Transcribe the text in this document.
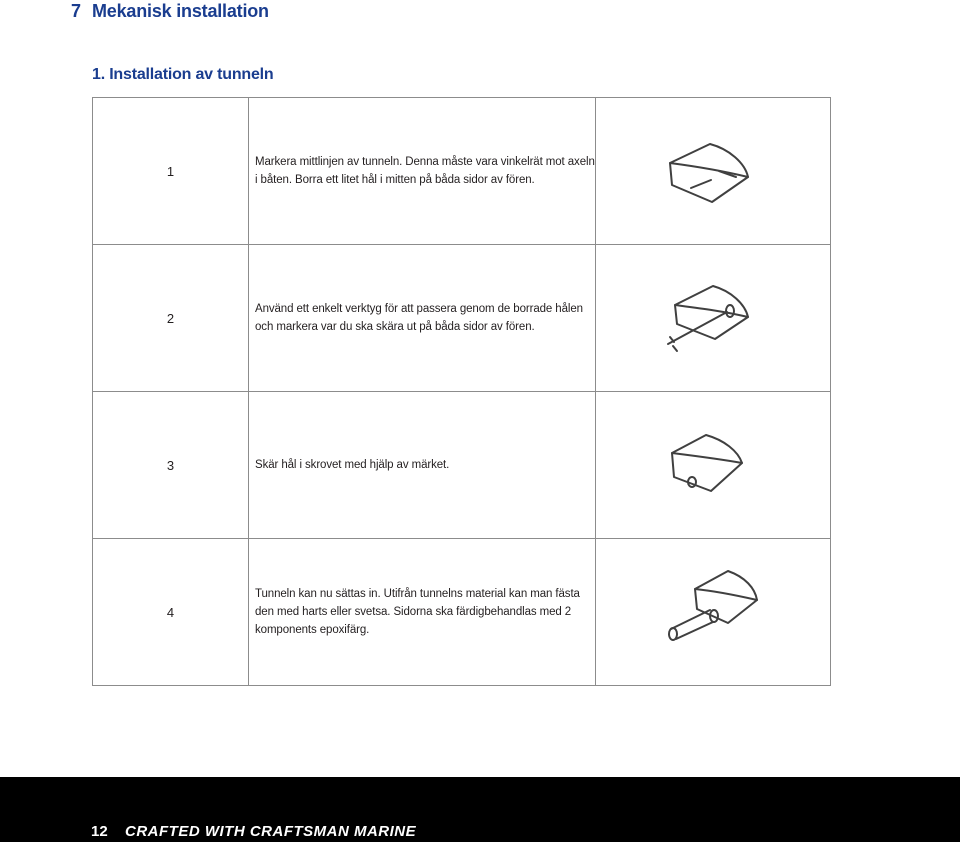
7 Mekanisk installation
1. Installation av tunneln
1	Markera mittlinjen av tunneln. Denna måste vara vinkelrät mot axeln i båten. Borra ett litet hål i mitten på båda sidor av fören.	

2	Använd ett enkelt verktyg för att passera genom de borrade hålen och markera var du ska skära ut på båda sidor av fören.	

3	Skär hål i skrovet med hjälp av märket.	

4	Tunneln kan nu sättas in. Utifrån tunnelns material kan man fästa den med harts eller svetsa. Sidorna ska färdigbehandlas med 2 komponents epoxifärg.	
12 CRAFTED WITH CRAFTSMAN MARINE
